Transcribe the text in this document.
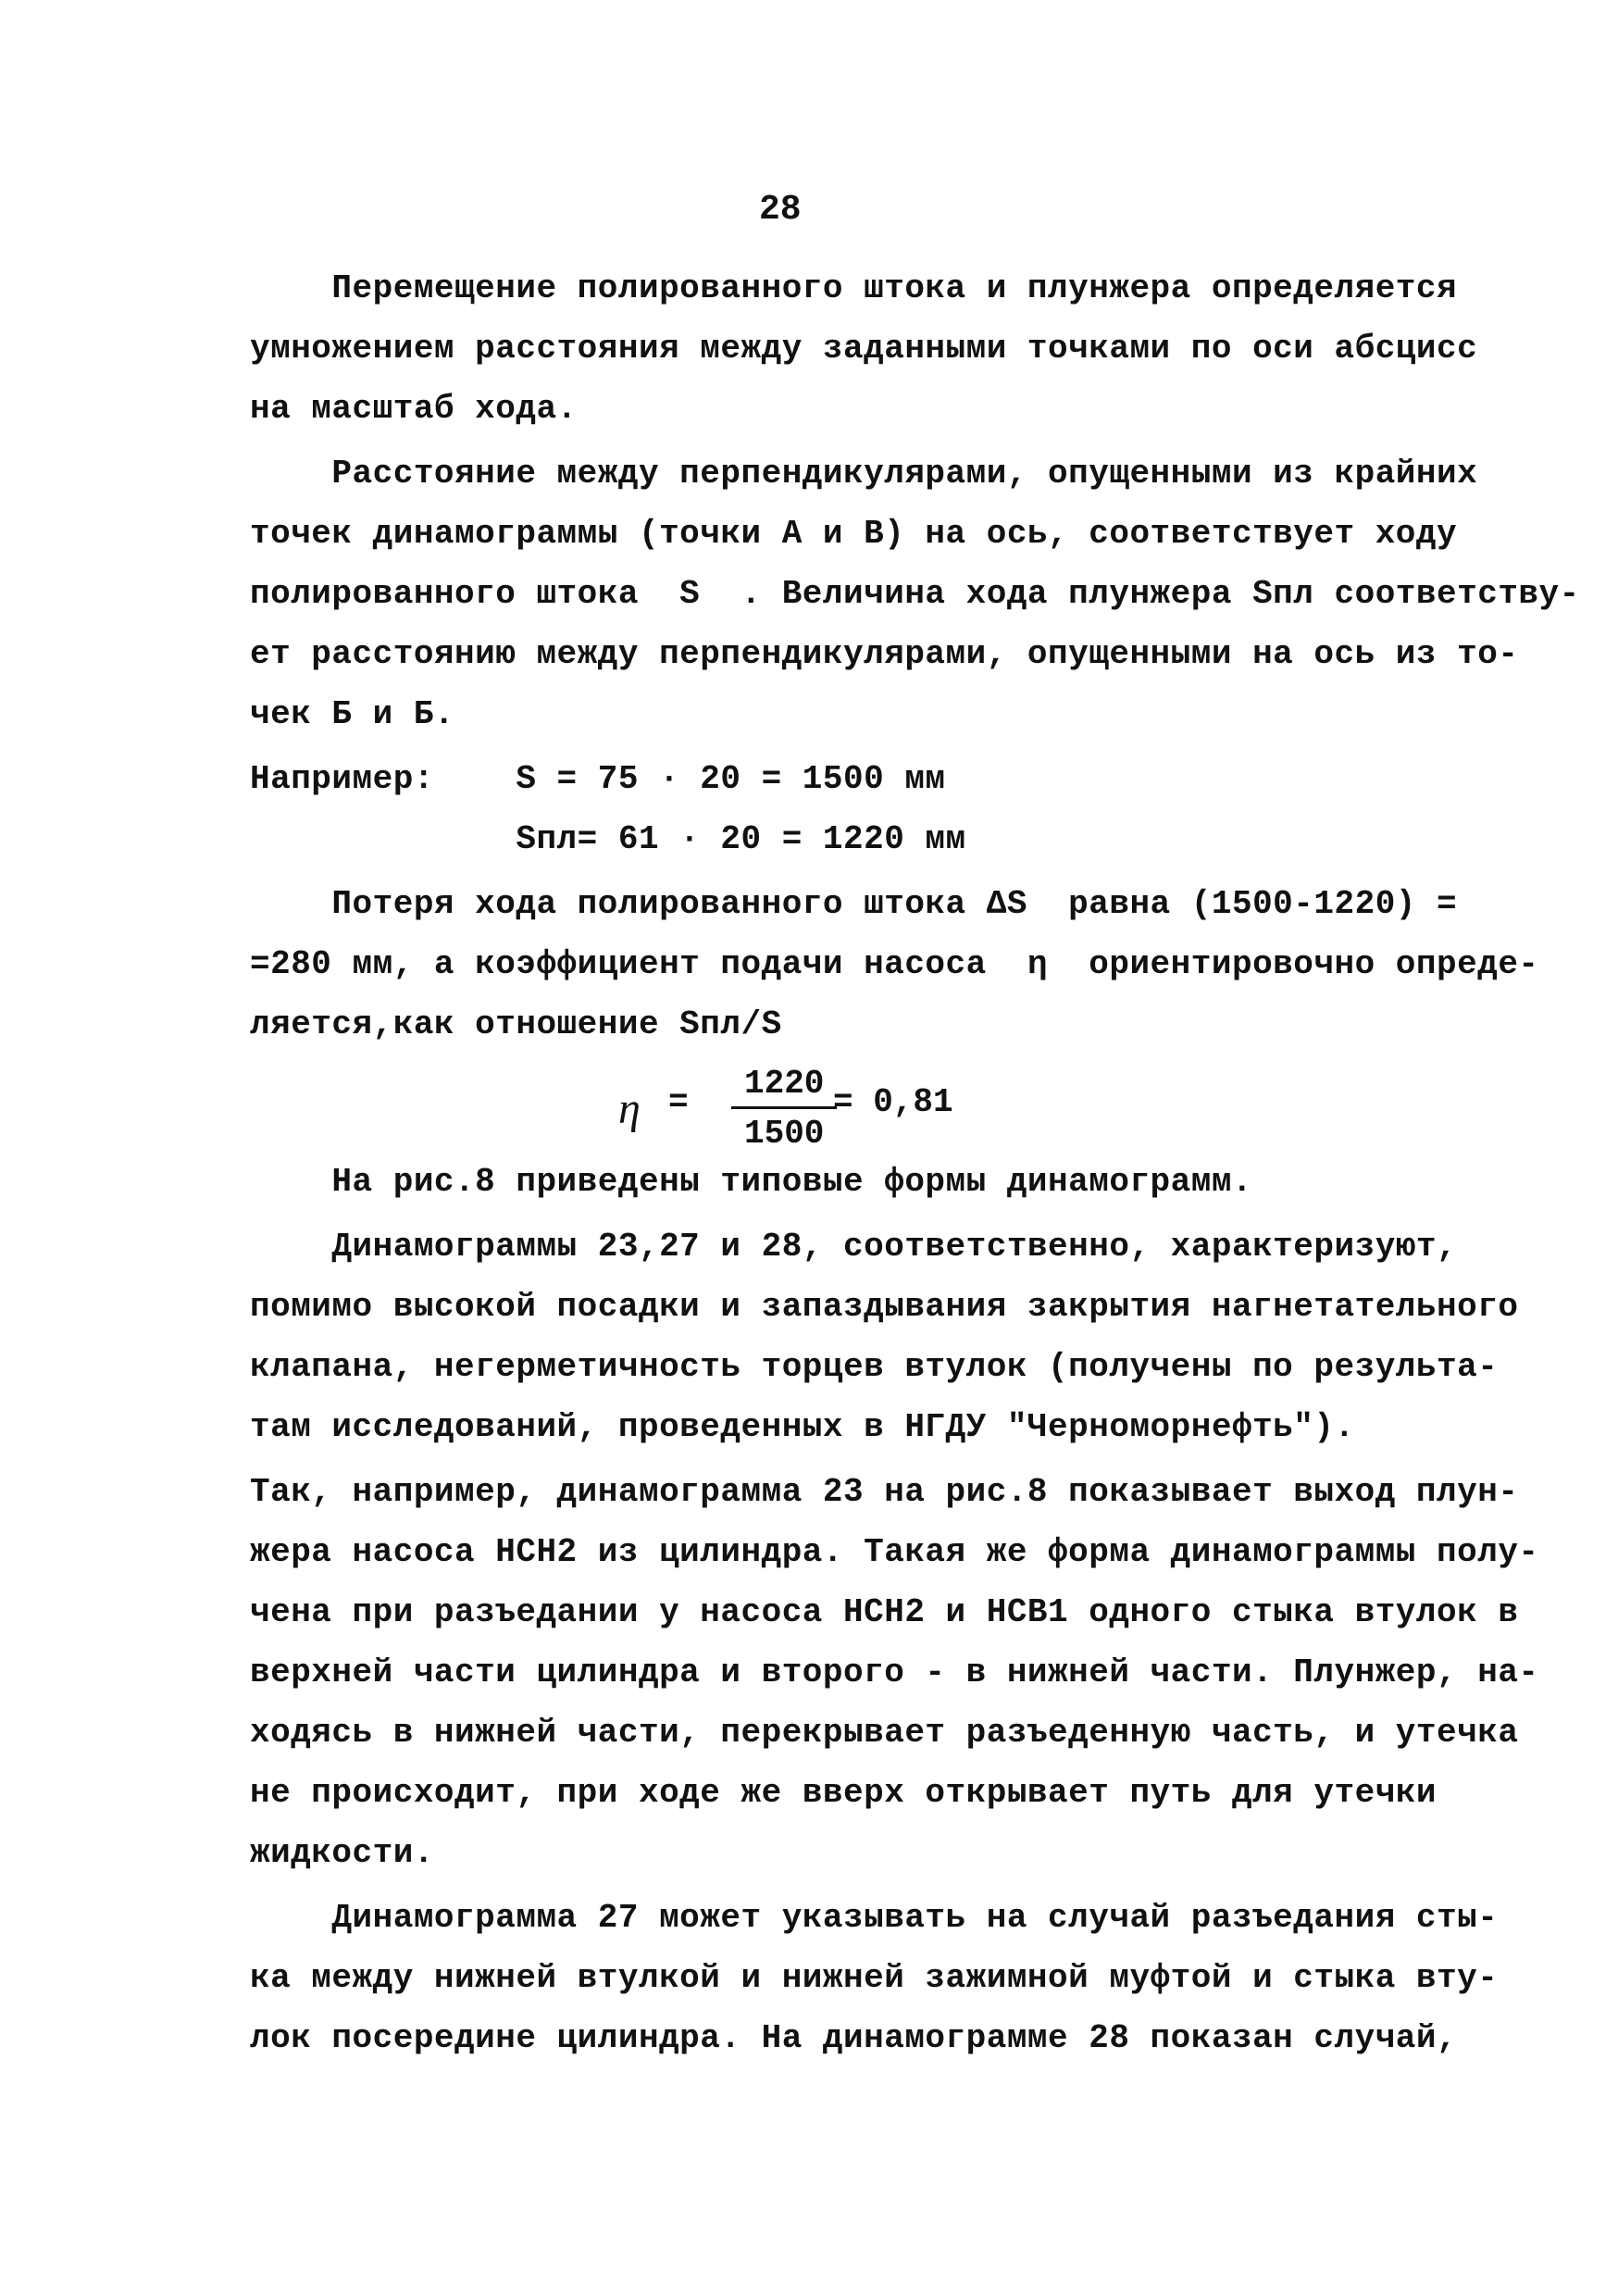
28
Перемещение полированного штока и плунжера определяется
умножением расстояния между заданными точками по оси абсцисс
на масштаб хода.
Расстояние между перпендикулярами, опущенными из крайних
точек динамограммы (точки А и В) на ось, соответствует ходу
полированного штока  S  . Величина хода плунжера Sпл соответству-
ет расстоянию между перпендикулярами, опущенными на ось из то-
чек Б и Б.
Например:    S = 75 · 20 = 1500 мм
Sпл= 61 · 20 = 1220 мм
Потеря хода полированного штока ΔS  равна (1500-1220) =
=280 мм, а коэффициент подачи насоса  η  ориентировочно опреде-
ляется,как отношение Sпл/S
$\eta = \frac{1220}{1500}$
= 0,81
На рис.8 приведены типовые формы динамограмм.
Динамограммы 23,27 и 28, соответственно, характеризуют,
помимо высокой посадки и запаздывания закрытия нагнетательного
клапана, негерметичность торцев втулок (получены по результа-
там исследований, проведенных в НГДУ "Черноморнефть").
Так, например, динамограмма 23 на рис.8 показывает выход плун-
жера насоса НСН2 из цилиндра. Такая же форма динамограммы полу-
чена при разъедании у насоса НСН2 и НСВ1 одного стыка втулок в
верхней части цилиндра и второго - в нижней части. Плунжер, на-
ходясь в нижней части, перекрывает разъеденную часть, и утечка
не происходит, при ходе же вверх открывает путь для утечки
жидкости.
Динамограмма 27 может указывать на случай разъедания сты-
ка между нижней втулкой и нижней зажимной муфтой и стыка вту-
лок посередине цилиндра. На динамограмме 28 показан случай,
